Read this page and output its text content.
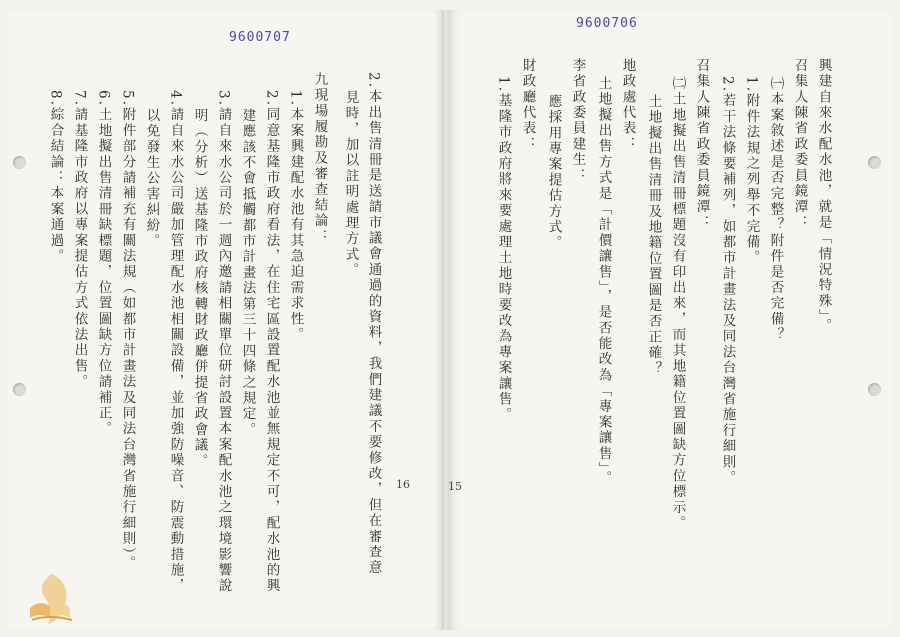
9600707
2.本出售清冊是送請市議會通過的資料，我們建議不要修改，但在審查意
見時，加以註明處理方式。
九現場履勘及審查結論：
1.本案興建配水池有其急迫需求性。
2.同意基隆市政府看法，在住宅區設置配水池並無規定不可，配水池的興
建應該不會抵觸都市計畫法第三十四條之規定。
3.請自來水公司於一週內邀請相關單位研討設置本案配水池之環境影響說
明（分析）送基隆市政府核轉財政廳併提省政會議。
4.請自來水公司嚴加管理配水池相關設備，並加強防噪音、防震動措施，
以免發生公害糾紛。
5.附件部分請補充有關法規（如都市計畫法及同法台灣省施行細則）。
6.土地擬出售清冊缺標題，位置圖缺方位請補正。
7.請基隆市政府以專案提估方式依法出售。
8.綜合結論：本案通過。
16
9600706
興建自來水配水池，就是「情況特殊」。
召集人陳省政委員鏡潭：
㈠本案敘述是否完整？附件是否完備？
1.附件法規之列舉不完備。
2.若干法條要補列，如都市計畫法及同法台灣省施行細則。
召集人陳省政委員鏡潭：
㈡土地擬出售清冊標題沒有印出來，而其地籍位置圖缺方位標示。
土地擬出售清冊及地籍位置圖是否正確？
地政處代表：
土地擬出售方式是「計價讓售」，是否能改為「專案讓售」。
李省政委員建生：
應採用專案提估方式。
財政廳代表：
1.基隆市政府將來要處理土地時要改為專案讓售。
15
